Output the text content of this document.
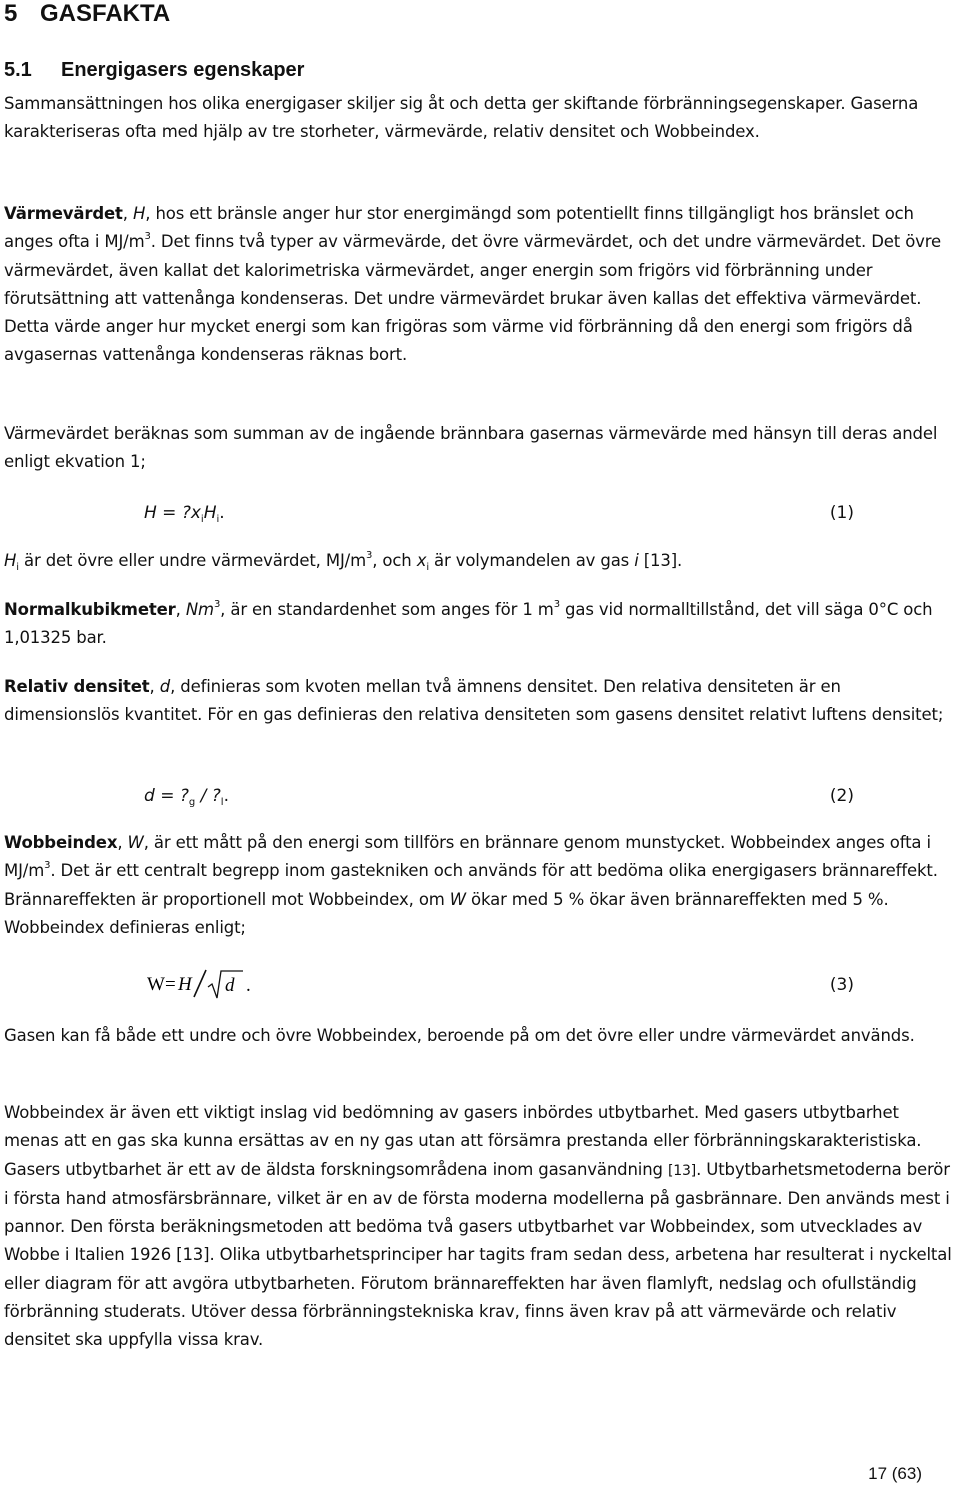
5 GASFAKTA
5.1 Energigasers egenskaper
Sammansättningen hos olika energigaser skiljer sig åt och detta ger skiftande förbränningsegenskaper. Gaserna karakteriseras ofta med hjälp av tre storheter, värmevärde, relativ densitet och Wobbeindex.
Värmevärdet, H, hos ett bränsle anger hur stor energimängd som potentiellt finns tillgängligt hos bränslet och anges ofta i $MJ/m^3$. Det finns två typer av värmevärde, det övre värmevärdet, och det undre värmevärdet. Det övre värmevärdet, även kallat det kalorimetriska värmevärdet, anger energin som frigörs vid förbränning under förutsättning att vattenånga kondenseras. Det undre värmevärdet brukar även kallas det effektiva värmevärdet. Detta värde anger hur mycket energi som kan frigöras som värme vid förbränning då den energi som frigörs då avgasernas vattenånga kondenseras räknas bort.
Värmevärdet beräknas som summan av de ingående brännbara gasernas värmevärde med hänsyn till deras andel enligt ekvation 1;
$H = ?x_iH_i$.	(1)
$H_i$ är det övre eller undre värmevärdet, $MJ/m^3$, och $x_i$ är volymandelen av gas i [13].
Normalkubikmeter, Nm$^3$, är en standardenhet som anges för 1 $m^3$ gas vid normalltillstånd, det vill säga 0°C och 1,01325 bar.
Relativ densitet, d, definieras som kvoten mellan två ämnens densitet. Den relativa densiteten är en dimensionslös kvantitet. För en gas definieras den relativa densiteten som gasens densitet relativt luftens densitet;
$d = ?_g$ / $?_l$.	(2)
Wobbeindex, W, är ett mått på den energi som tillförs en brännare genom munstycket. Wobbeindex anges ofta i $MJ/m^3$. Det är ett centralt begrepp inom gastekniken och används för att bedöma olika energigasers brännareffekt. Brännareffekten är proportionell mot Wobbeindex, om W ökar med 5 % ökar även brännareffekten med 5 %. Wobbeindex definieras enligt;
W = H d .	(3)
Gasen kan få både ett undre och övre Wobbeindex, beroende på om det övre eller undre värmevärdet används.
Wobbeindex är även ett viktigt inslag vid bedömning av gasers inbördes utbytbarhet. Med gasers utbytbarhet menas att en gas ska kunna ersättas av en ny gas utan att försämra prestanda eller förbränningskarakteristiska. Gasers utbytbarhet är ett av de äldsta forskningsområdena inom gasanvändning [13]. Utbytbarhetsmetoderna berör i första hand atmosfärsbrännare, vilket är en av de första moderna modellerna på gasbrännare. Den används mest i pannor. Den första beräkningsmetoden att bedöma två gasers utbytbarhet var Wobbeindex, som utvecklades av Wobbe i Italien 1926 [13]. Olika utbytbarhetsprinciper har tagits fram sedan dess, arbetena har resulterat i nyckeltal eller diagram för att avgöra utbytbarheten. Förutom brännareffekten har även flamlyft, nedslag och ofullständig förbränning studerats. Utöver dessa förbränningstekniska krav, finns även krav på att värmevärde och relativ densitet ska uppfylla vissa krav.
17 (63)
